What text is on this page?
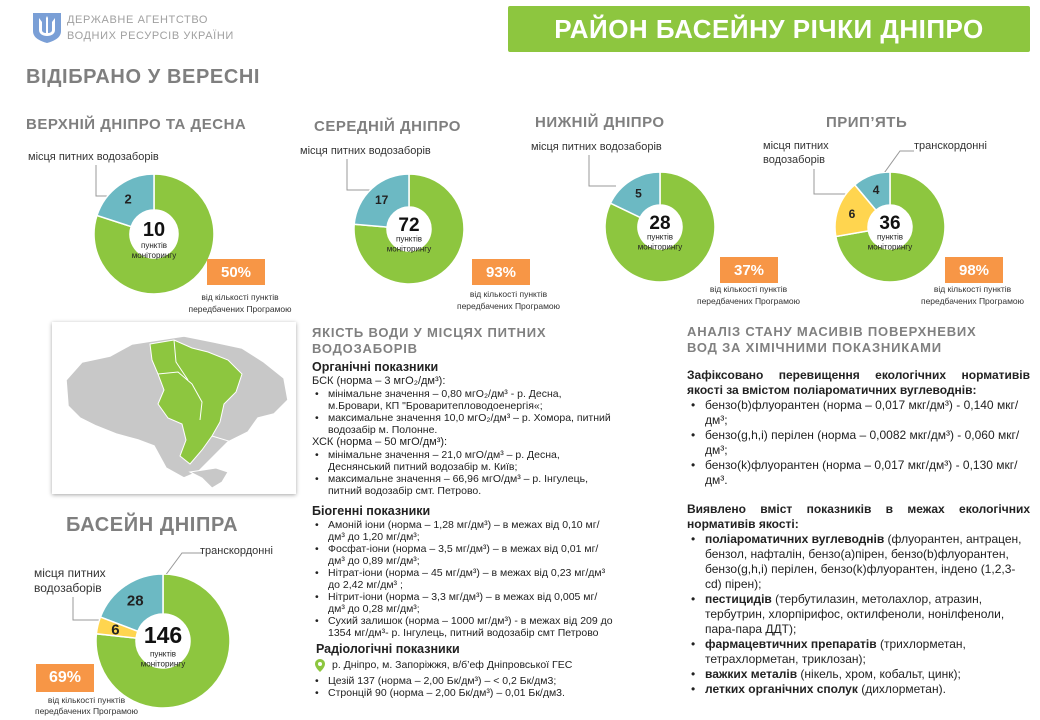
ДЕРЖАВНЕ АГЕНТСТВО
ВОДНИХ РЕСУРСІВ УКРАЇНИ	РАЙОН БАСЕЙНУ РІЧКИ ДНІПРО
ВІДІБРАНО У ВЕРЕСНІ
ВЕРХНІЙ ДНІПРО ТА ДЕСНА
місця питних водозаборів
2
10
пунктів
моніторингу
50%
від кількості пунктів
передбачених Програмою
СЕРЕДНІЙ ДНІПРО
місця питних водозаборів
17
72
пунктів
моніторингу
93%
від кількості пунктів
передбачених Програмою
НИЖНІЙ ДНІПРО
місця питних водозаборів
5
28
пунктів
моніторингу
37%
від кількості пунктів
передбачених Програмою
ПРИП’ЯТЬ
місця питних
водозаборів
транскордонні
4
6 36
пунктів
моніторингу
98%
від кількості пунктів
передбачених Програмою
БАСЕЙН ДНІПРА
транскордонні
місця питних
водозаборів
28
6 146
пунктів
моніторингу
69%
від кількості пунктів
передбачених Програмою
ЯКІСТЬ ВОДИ У МІСЦЯХ ПИТНИХ
ВОДОЗАБОРІВ
Органічні показники
БСК (норма – 3 мгО₂/дм³):
• мінімальне значення – 0,80 мгО₂/дм³ - р. Десна, м.Бровари, КП "Броваритепловодоенергія«;
• максимальне значення 10,0 мгО₂/дм³ – р. Хомора, питний водозабір м. Полонне.
ХСК (норма – 50 мгО/дм³):
• мінімальне значення – 21,0 мгО/дм³ – р. Десна, Деснянський питний водозабір м. Київ;
• максимальне значення – 66,96 мгО/дм³ – р. Інгулець, питний водозабір смт. Петрово.
Біогенні показники
• Амоній іони (норма – 1,28 мг/дм³) – в межах від 0,10 мг/дм³ до 1,20 мг/дм³;
• Фосфат-іони (норма – 3,5 мг/дм³) – в межах від 0,01 мг/дм³ до 0,89 мг/дм³;
• Нітрат-іони (норма – 45 мг/дм³) – в межах від 0,23 мг/дм³ до 2,42 мг/дм³ ;
• Нітрит-іони (норма – 3,3 мг/дм³) – в межах від 0,005 мг/дм³ до 0,28 мг/дм³;
• Сухий залишок (норма – 1000 мг/дм³) - в межах від 209 до 1354 мг/дм³- р. Інгулець, питний водозабір смт Петрово
Радіологічні показники
р. Дніпро, м. Запоріжжя, в/б’еф Дніпровської ГЕС
• Цезій 137 (норма – 2,00 Бк/дм³) – < 0,2 Бк/дм3;
• Стронцій 90 (норма – 2,00 Бк/дм³) – 0,01 Бк/дм3.
АНАЛІЗ СТАНУ МАСИВІВ ПОВЕРХНЕВИХ
ВОД ЗА ХІМІЧНИМИ ПОКАЗНИКАМИ
Зафіксовано перевищення екологічних нормативів якості за вмістом поліароматичних вуглеводнів:
• бензо(b)флуорантен (норма – 0,017 мкг/дм³) - 0,140 мкг/дм³;
• бензо(g,h,i) перілен (норма – 0,0082 мкг/дм³) - 0,060 мкг/дм³;
• бензо(k)флуорантен (норма – 0,017 мкг/дм³) - 0,130 мкг/дм³.
Виявлено вміст показників в межах екологічних нормативів якості:
• поліароматичних вуглеводнів (флуорантен, антрацен, бензол, нафталін, бензо(а)пірен, бензо(b)флуорантен, бензо(g,h,i) перілен, бензо(k)флуорантен, індено (1,2,3-cd) пірен);
• пестицидів (тербутилазин, метолахлор, атразин, тербутрин, хлорпірифос, октилфеноли, нонілфеноли, пара-пара ДДТ);
• фармацевтичних препаратів (трихлорметан, тетрахлорметан, триклозан);
• важких металів (нікель, хром, кобальт, цинк);
• летких органічних сполук (дихлорметан).
